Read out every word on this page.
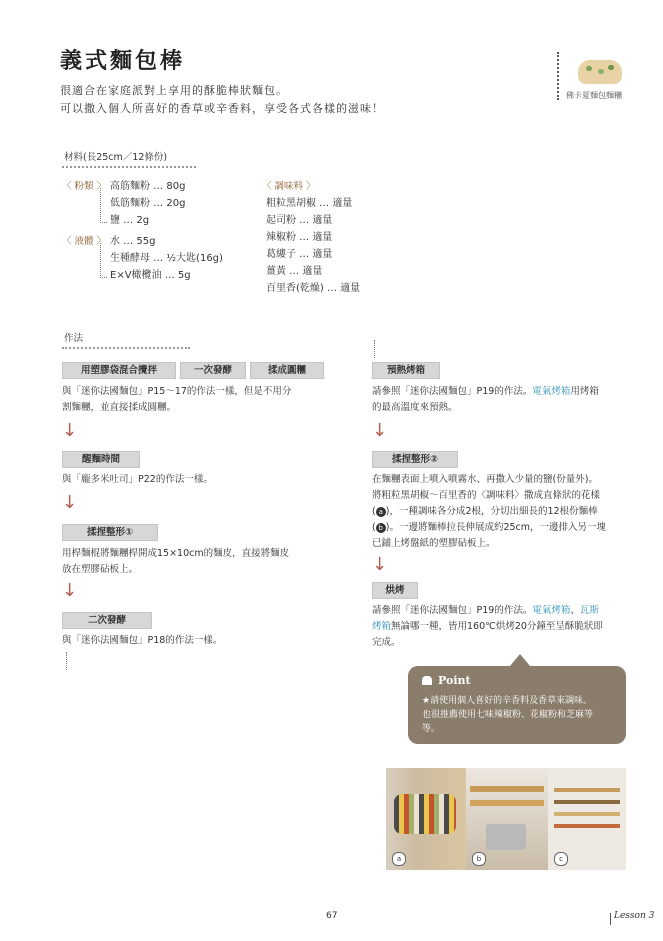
義式麵包棒
很適合在家庭派對上享用的酥脆棒狀麵包。
可以撒入個人所喜好的香草或辛香料，享受各式各樣的滋味！
佛卡夏麵包麵糰
材料(長25cm／12條份)
〈 粉類 〉 高筋麵粉 … 80g
低筋麵粉 … 20g
鹽 … 2g
〈 液體 〉 水 … 55g
生種酵母 … ½大匙(16g)
E×V橄欖油 … 5g
〈 調味料 〉
粗粒黑胡椒 … 適量
起司粉 … 適量
辣椒粉 … 適量
葛縷子 … 適量
薑黃 … 適量
百里香(乾燥) … 適量
作法
用塑膠袋混合攪拌	一次發酵	揉成圓糰
與「迷你法國麵包」P15～17的作法一樣，但是不用分
割麵糰，並直接揉成圓糰。
↓
醒麵時間
與「龐多米吐司」P22的作法一樣。
↓
揉捏整形①
用桿麵棍將麵糰桿開成15×10cm的麵皮，直接將麵皮
放在塑膠砧板上。
↓
二次發酵
與「迷你法國麵包」P18的作法一樣。
預熱烤箱
請參照「迷你法國麵包」P19的作法。電氣烤箱用烤箱
的最高溫度來預熱。
↓
揉捏整形②
在麵糰表面上噴入噴霧水、再撒入少量的鹽(份量外)。
將粗粒黑胡椒～百里香的〈調味料〉撒成直條狀的花樣
( a )，一種調味各分成2根，分切出細長的12根份麵棒
( b )。一邊將麵棒拉長伸展成約25cm，一邊排入另一塊
已鋪上烤盤紙的塑膠砧板上。
↓
烘烤
請參照「迷你法國麵包」P19的作法。電氣烤箱、瓦斯
烤箱無論哪一種，皆用160℃烘烤20分鐘至呈酥脆狀即
完成。
Point
★請使用個人喜好的辛香料及香草來調味。
也很推薦使用七味辣椒粉、花椒粉和芝麻等
等。
a	b	c
67	Lesson 3
